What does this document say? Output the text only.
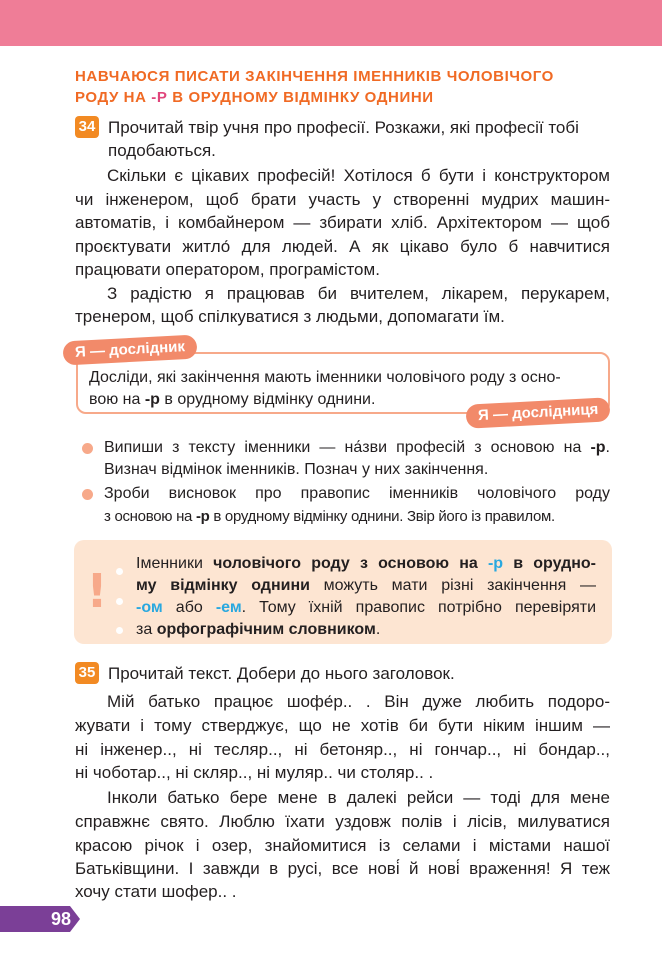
НАВЧАЮСЯ ПИСАТИ ЗАКІНЧЕННЯ ІМЕННИКІВ ЧОЛОВІЧОГО
РОДУ НА -Р В ОРУДНОМУ ВІДМІНКУ ОДНИНИ
34 Прочитай твір учня про професії. Розкажи, які професії тобі
подобаються.
Скільки є цікавих професій! Хотілося б бути і конструктором
чи інженером, щоб брати участь у створенні мудрих машин-
автоматів, і комбайнером — збирати хліб. Архітектором — щоб
проєктувати житло́ для людей. А як цікаво було б навчитися
працювати оператором, програмістом.
З радістю я працював би вчителем, лікарем, перукарем,
тренером, щоб спілкуватися з людьми, допомагати їм.
Я — дослідник
Досліди, які закінчення мають іменники чоловічого роду з осно-
вою на -р в орудному відмінку однини.
Я — дослідниця
Випиши з тексту іменники — на́зви професій з основою на -р.
Визнач відмінок іменників. Познач у них закінчення.
Зроби висновок про правопис іменників чоловічого роду
з основою на -р в орудному відмінку однини. Звір його із правилом.
!
Іменники чоловічого роду з основою на -р в орудно-
му відмінку однини можуть мати різні закінчення —
-ом або -ем. Тому їхній правопис потрібно перевіряти
за орфографічним словником.
35 Прочитай текст. Добери до нього заголовок.
Мій батько працює шофе́р.. . Він дуже любить подоро-
жувати і тому стверджує, що не хотів би бути ніким іншим —
ні інженер.., ні тесляр.., ні бетоняр.., ні гончар.., ні бондар..,
ні чоботар.., ні скляр.., ні муляр.. чи столяр.. .
Інколи батько бере мене в далекі рейси — тоді для мене
справжнє свято. Люблю їхати уздовж полів і лісів, милуватися
красою річок і озер, знайомитися із селами і містами нашої
Батьківщини. І завжди в русі, все нові́ й нові́ враження! Я теж
хочу стати шофер.. .
98
